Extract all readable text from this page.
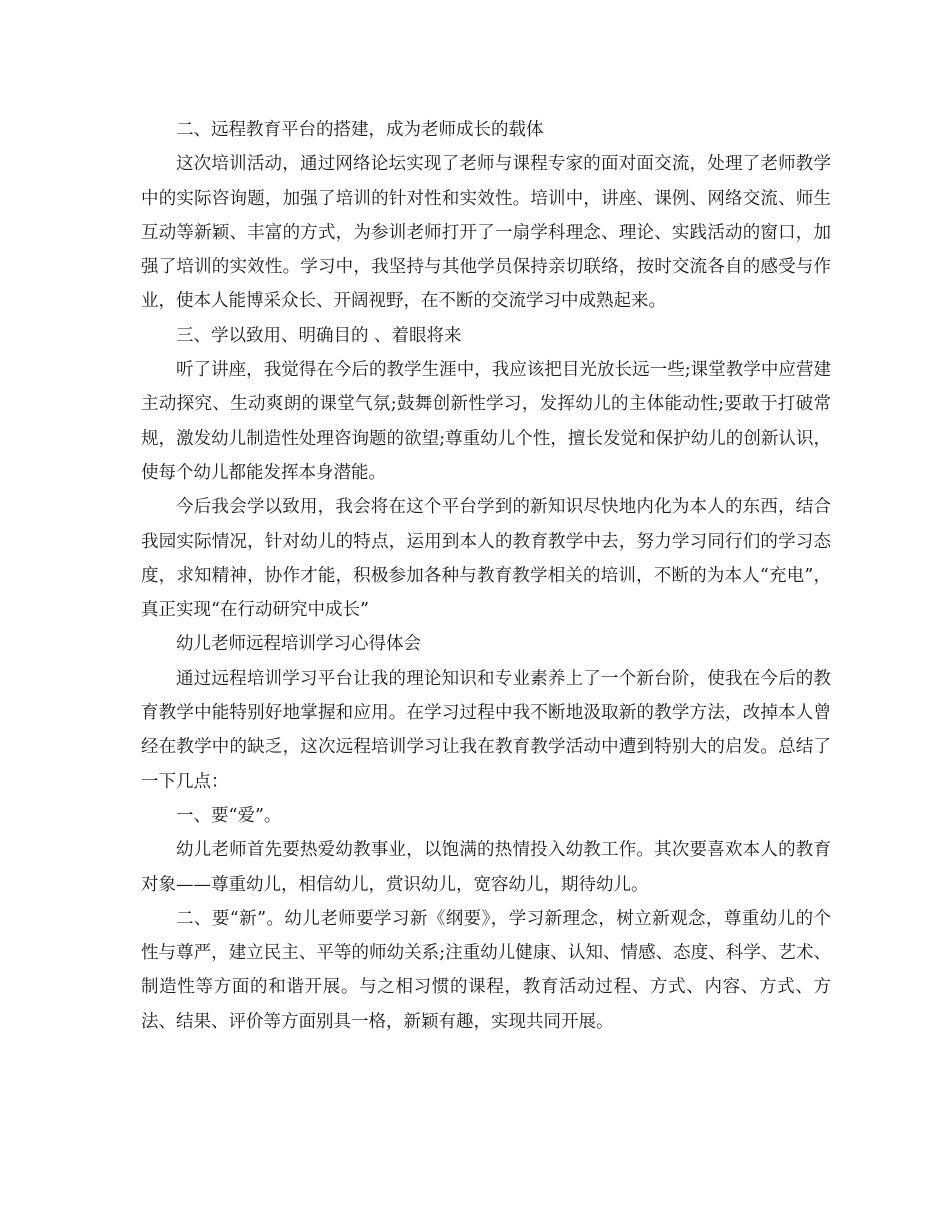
二、远程教育平台的搭建，成为老师成长的载体

这次培训活动，通过网络论坛实现了老师与课程专家的面对面交流，处理了老师教学中的实际咨询题，加强了培训的针对性和实效性。培训中，讲座、课例、网络交流、师生互动等新颖、丰富的方式，为参训老师打开了一扇学科理念、理论、实践活动的窗口，加强了培训的实效性。学习中，我坚持与其他学员保持亲切联络，按时交流各自的感受与作业，使本人能博采众长、开阔视野，在不断的交流学习中成熟起来。

三、学以致用、明确目的 、着眼将来

听了讲座，我觉得在今后的教学生涯中，我应该把目光放长远一些;课堂教学中应营建主动探究、生动爽朗的课堂气氛;鼓舞创新性学习，发挥幼儿的主体能动性;要敢于打破常规，激发幼儿制造性处理咨询题的欲望;尊重幼儿个性，擅长发觉和保护幼儿的创新认识，使每个幼儿都能发挥本身潜能。

今后我会学以致用，我会将在这个平台学到的新知识尽快地内化为本人的东西，结合我园实际情况，针对幼儿的特点，运用到本人的教育教学中去，努力学习同行们的学习态度，求知精神，协作才能，积极参加各种与教育教学相关的培训，不断的为本人“充电”，真正实现“在行动研究中成长”

幼儿老师远程培训学习心得体会

通过远程培训学习平台让我的理论知识和专业素养上了一个新台阶，使我在今后的教育教学中能特别好地掌握和应用。在学习过程中我不断地汲取新的教学方法，改掉本人曾经在教学中的缺乏，这次远程培训学习让我在教育教学活动中遭到特别大的启发。总结了一下几点：

一、要“爱”。

幼儿老师首先要热爱幼教事业，以饱满的热情投入幼教工作。其次要喜欢本人的教育对象——尊重幼儿，相信幼儿，赏识幼儿，宽容幼儿，期待幼儿。

二、要“新”。幼儿老师要学习新《纲要》，学习新理念，树立新观念，尊重幼儿的个性与尊严，建立民主、平等的师幼关系;注重幼儿健康、认知、情感、态度、科学、艺术、制造性等方面的和谐开展。与之相习惯的课程，教育活动过程、方式、内容、方式、方法、结果、评价等方面别具一格，新颖有趣，实现共同开展。
